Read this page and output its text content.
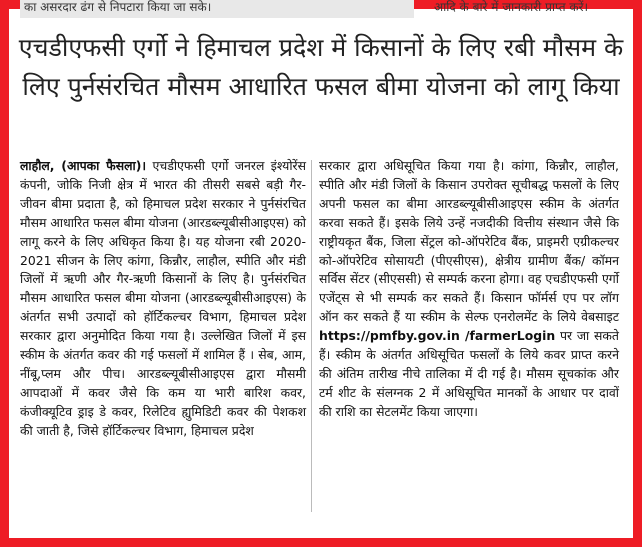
का असरदार ढंग से निपटारा किया जा सके।	आदि के बारे में जानकारी प्राप्त करें।
एचडीएफसी एर्गो ने हिमाचल प्रदेश में किसानों के लिए रबी मौसम के लिए पुर्नसंरचित मौसम आधारित फसल बीमा योजना को लागू किया
लाहौल, (आपका फैसला)। एचडीएफसी एर्गो जनरल इंश्योरेंस कंपनी, जोकि निजी क्षेत्र में भारत की तीसरी सबसे बड़ी गैर-जीवन बीमा प्रदाता है, को हिमाचल प्रदेश सरकार ने पुर्नसंरचित मौसम आधारित फसल बीमा योजना (आरडब्ल्यूबीसीआइएस) को लागू करने के लिए अधिकृत किया है। यह योजना रबी 2020-2021 सीजन के लिए कांगा, किन्नौर, लाहौल, स्पीति और मंडी जिलों में ऋणी और गैर-ऋणी किसानों के लिए है। पुर्नसंरचित मौसम आधारित फसल बीमा योजना (आरडब्ल्यूबीसीआइएस) के अंतर्गत सभी उत्पादों को हॉर्टिकल्चर विभाग, हिमाचल प्रदेश सरकार द्वारा अनुमोदित किया गया है। उल्लेखित जिलों में इस स्कीम के अंतर्गत कवर की गई फसलों में शामिल हैं । सेब, आम, नींबू,प्लम और पीच। आरडब्ल्यूबीसीआइएस द्वारा मौसमी आपदाओं में कवर जैसे कि कम या भारी बारिश कवर, कंजीक्यूटिव ड्राइ डे कवर, रिलेटिव ह्युमिडिटी कवर की पेशकश की जाती है, जिसे हॉर्टिकल्चर विभाग, हिमाचल प्रदेश
सरकार द्वारा अधिसूचित किया गया है। कांगा, किन्नौर, लाहौल, स्पीति और मंडी जिलों के किसान उपरोक्त सूचीबद्ध फसलों के लिए अपनी फसल का बीमा आरडब्ल्यूबीसीआइएस स्कीम के अंतर्गत करवा सकते हैं। इसके लिये उन्हें नजदीकी वित्तीय संस्थान जैसे कि राष्ट्रीयकृत बैंक, जिला सेंट्रल को-ऑपरेटिव बैंक, प्राइमरी एग्रीकल्चर को-ऑपरेटिव सोसायटी (पीएसीएस), क्षेत्रीय ग्रामीण बैंक/ कॉमन सर्विस सेंटर (सीएससी) से सम्पर्क करना होगा। वह एचडीएफसी एर्गो एजेंट्स से भी सम्पर्क कर सकते हैं। किसान फॉर्मर्स एप पर लॉग ऑन कर सकते हैं या स्कीम के सेल्फ एनरोलमेंट के लिये वेबसाइट https://pmfby.gov.in /farmerLogin पर जा सकते हैं। स्कीम के अंतर्गत अधिसूचित फसलों के लिये कवर प्राप्त करने की अंतिम तारीख नीचे तालिका में दी गई है। मौसम सूचकांक और टर्म शीट के संलग्नक 2 में अधिसूचित मानकों के आधार पर दावों की राशि का सेटलमेंट किया जाएगा।
